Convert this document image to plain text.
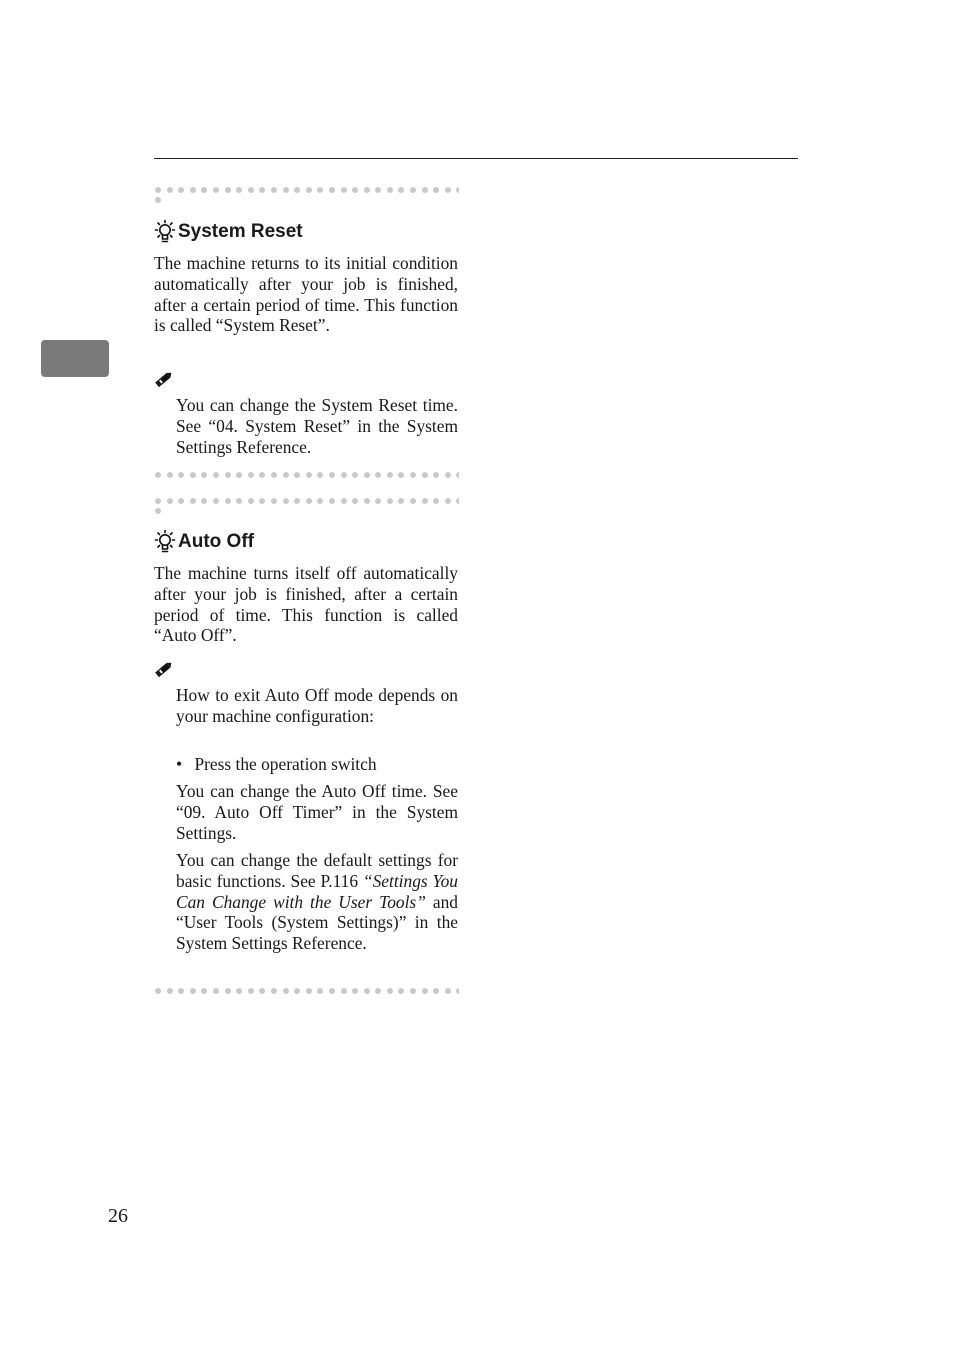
System Reset

The machine returns to its initial condition automatically after your job is finished, after a certain period of time. This function is called “System Reset”.

You can change the System Reset time. See “04. System Reset” in the System Settings Reference.

Auto Off

The machine turns itself off automatically after your job is finished, after a certain period of time. This function is called “Auto Off”.

How to exit Auto Off mode depends on your machine configuration:

• Press the operation switch

You can change the Auto Off time. See “09. Auto Off Timer” in the System Settings.

You can change the default settings for basic functions. See P.116 “Settings You Can Change with the User Tools” and “User Tools (System Settings)” in the System Settings Reference.

26
